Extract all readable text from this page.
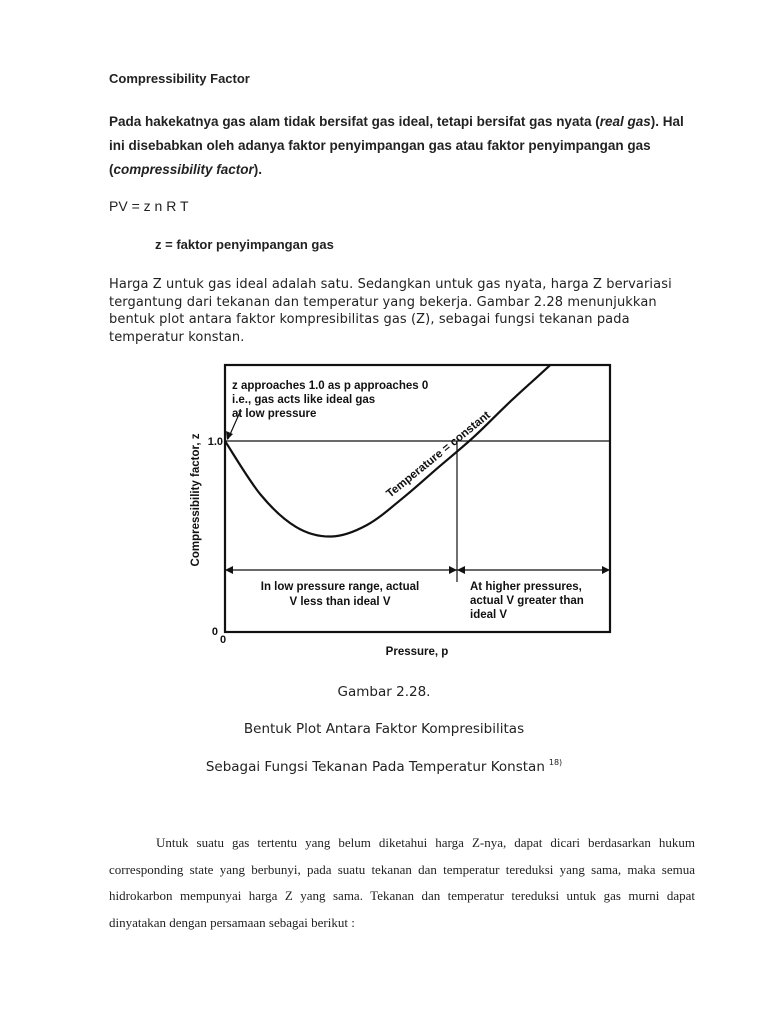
Compressibility Factor
Pada hakekatnya gas alam tidak bersifat gas ideal, tetapi bersifat gas nyata (real gas). Hal ini disebabkan oleh adanya faktor penyimpangan gas atau faktor penyimpangan gas (compressibility factor).
PV = z n R T
z = faktor penyimpangan gas
Harga Z untuk gas ideal adalah satu. Sedangkan untuk gas nyata, harga Z bervariasi tergantung dari tekanan dan temperatur yang bekerja. Gambar 2.28 menunjukkan bentuk plot antara faktor kompresibilitas gas (Z), sebagai fungsi tekanan pada temperatur konstan.
z approaches 1.0 as p approaches 0
i.e., gas acts like ideal gas
at low pressure	Temperature = constant
In low pressure range, actual
V less than ideal V
At higher pressures,
actual V greater than
ideal V
1.0
0
0
Pressure, p
Compressibility factor, z
Gambar 2.28.
Bentuk Plot Antara Faktor Kompresibilitas
Sebagai Fungsi Tekanan Pada Temperatur Konstan $^{18)}$
Untuk suatu gas tertentu yang belum diketahui harga Z-nya, dapat dicari berdasarkan hukum corresponding state yang berbunyi, pada suatu tekanan dan temperatur tereduksi yang sama, maka semua hidrokarbon mempunyai harga Z yang sama. Tekanan dan temperatur tereduksi untuk gas murni dapat dinyatakan dengan persamaan sebagai berikut :
